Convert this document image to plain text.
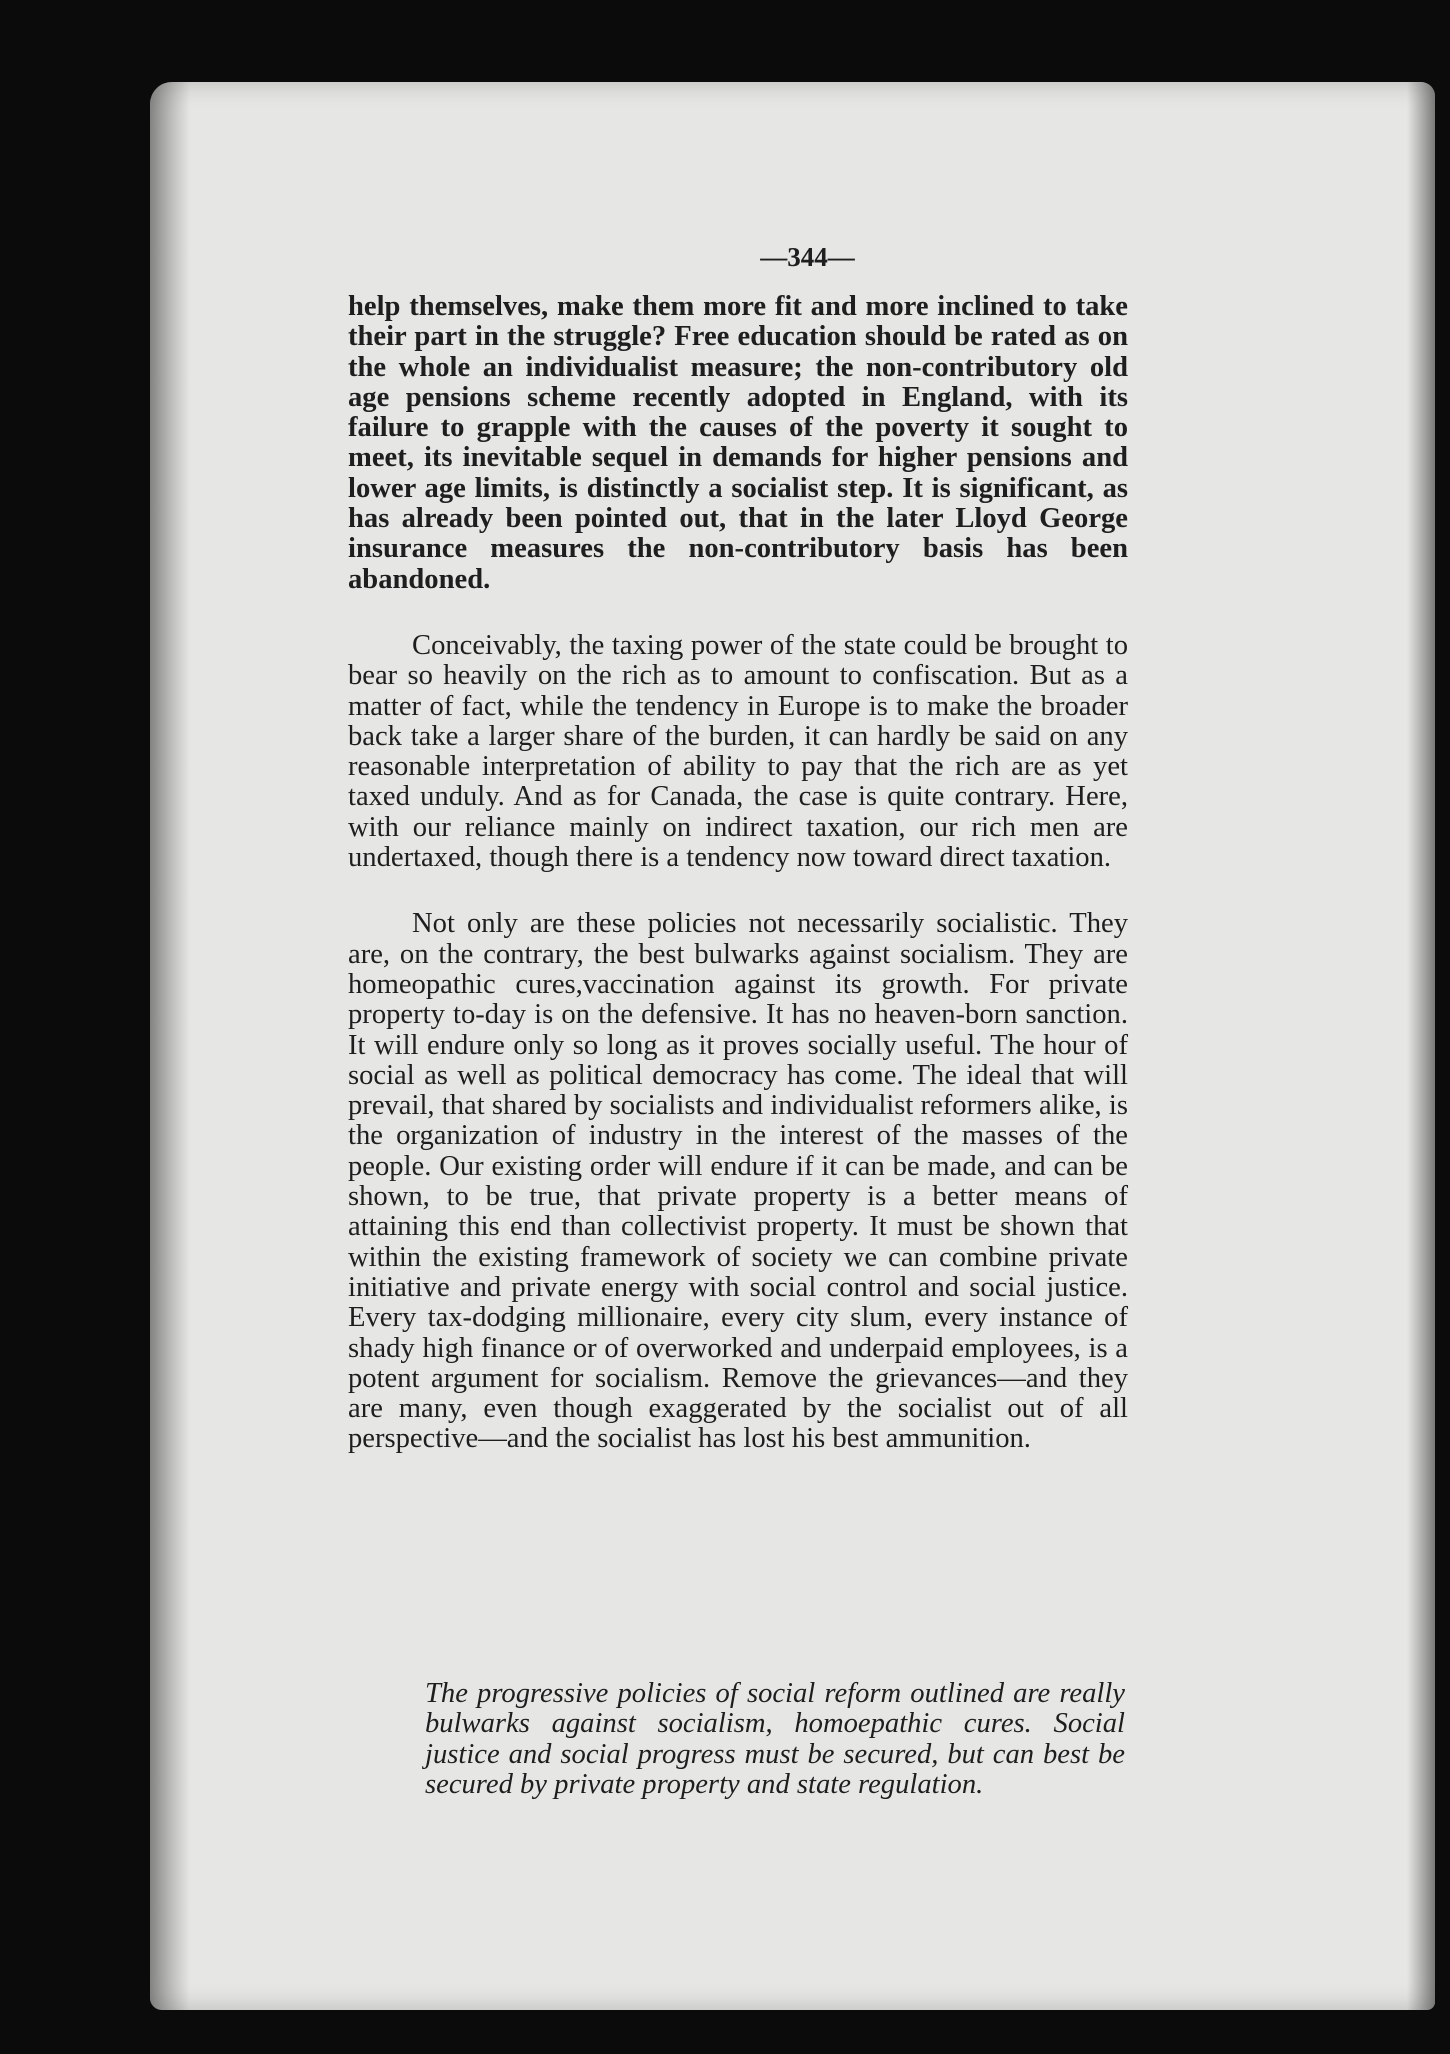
—344—

help themselves, make them more fit and more inclined to take their part in the struggle? Free education should be rated as on the whole an individualist measure; the non-contributory old age pensions scheme recently adopted in England, with its failure to grapple with the causes of the poverty it sought to meet, its inevitable sequel in demands for higher pensions and lower age limits, is distinctly a socialist step. It is significant, as has already been pointed out, that in the later Lloyd George insurance measures the non-contributory basis has been abandoned.

Conceivably, the taxing power of the state could be brought to bear so heavily on the rich as to amount to confiscation. But as a matter of fact, while the tendency in Europe is to make the broader back take a larger share of the burden, it can hardly be said on any reasonable interpretation of ability to pay that the rich are as yet taxed unduly. And as for Canada, the case is quite contrary. Here, with our reliance mainly on indirect taxation, our rich men are undertaxed, though there is a tendency now toward direct taxation.

Not only are these policies not necessarily socialistic. They are, on the contrary, the best bulwarks against socialism. They are homeopathic cures,vaccination against its growth. For private property to-day is on the defensive. It has no heaven-born sanction. It will endure only so long as it proves socially useful. The hour of social as well as political democracy has come. The ideal that will prevail, that shared by socialists and individualist reformers alike, is the organization of industry in the interest of the masses of the people. Our existing order will endure if it can be made, and can be shown, to be true, that private property is a better means of attaining this end than collectivist property. It must be shown that within the existing framework of society we can combine private initiative and private energy with social control and social justice. Every tax-dodging millionaire, every city slum, every instance of shady high finance or of overworked and underpaid employees, is a potent argument for socialism. Remove the grievances—and they are many, even though exaggerated by the socialist out of all perspective—and the socialist has lost his best ammunition.

The progressive policies of social reform outlined are really bulwarks against socialism, homoepathic cures. Social justice and social progress must be secured, but can best be secured by private property and state regulation.
